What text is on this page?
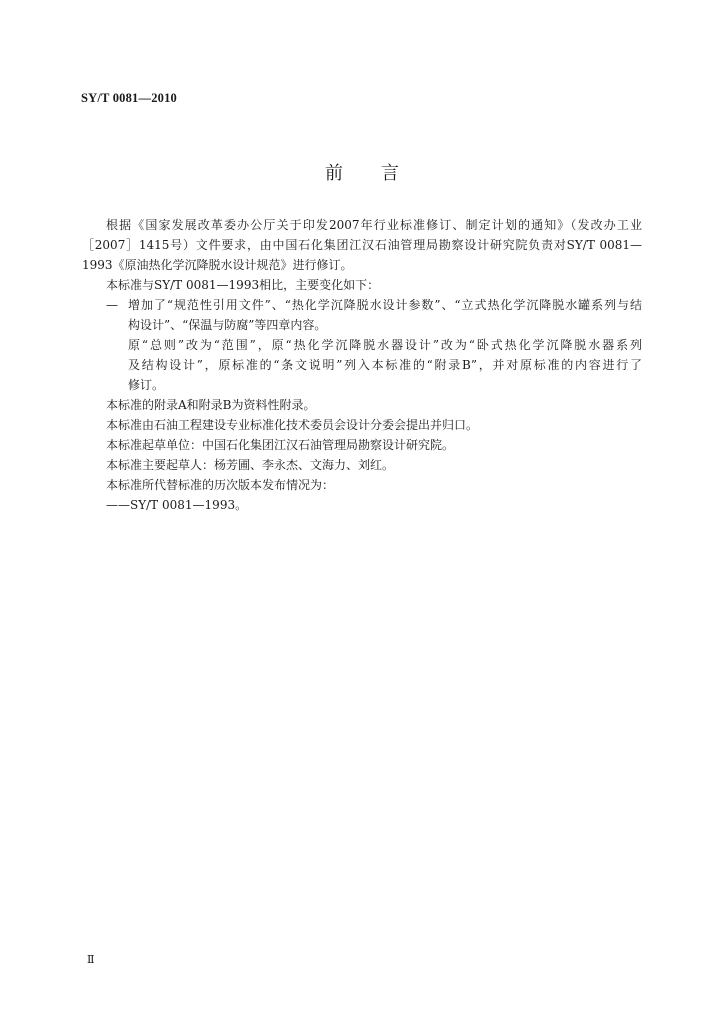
SY/T 0081—2010
前 言

根据《国家发展改革委办公厅关于印发2007年行业标准修订、制定计划的通知》（发改办工业

［2007］1415号）文件要求，由中国石化集团江汉石油管理局勘察设计研究院负责对SY/T 0081—

1993《原油热化学沉降脱水设计规范》进行修订。

本标准与SY/T 0081—1993相比，主要变化如下：

— 增加了“规范性引用文件”、“热化学沉降脱水设计参数”、“立式热化学沉降脱水罐系列与结

构设计”、“保温与防腐”等四章内容。

原“总则”改为“范围”，原“热化学沉降脱水器设计”改为“卧式热化学沉降脱水器系列

及结构设计”，原标准的“条文说明”列入本标准的“附录B”，并对原标准的内容进行了

修订。

本标准的附录A和附录B为资料性附录。

本标准由石油工程建设专业标准化技术委员会设计分委会提出并归口。

本标准起草单位：中国石化集团江汉石油管理局勘察设计研究院。

本标准主要起草人：杨芳圃、李永杰、文海力、刘红。

本标准所代替标准的历次版本发布情况为：

——SY/T 0081—1993。

Ⅱ
